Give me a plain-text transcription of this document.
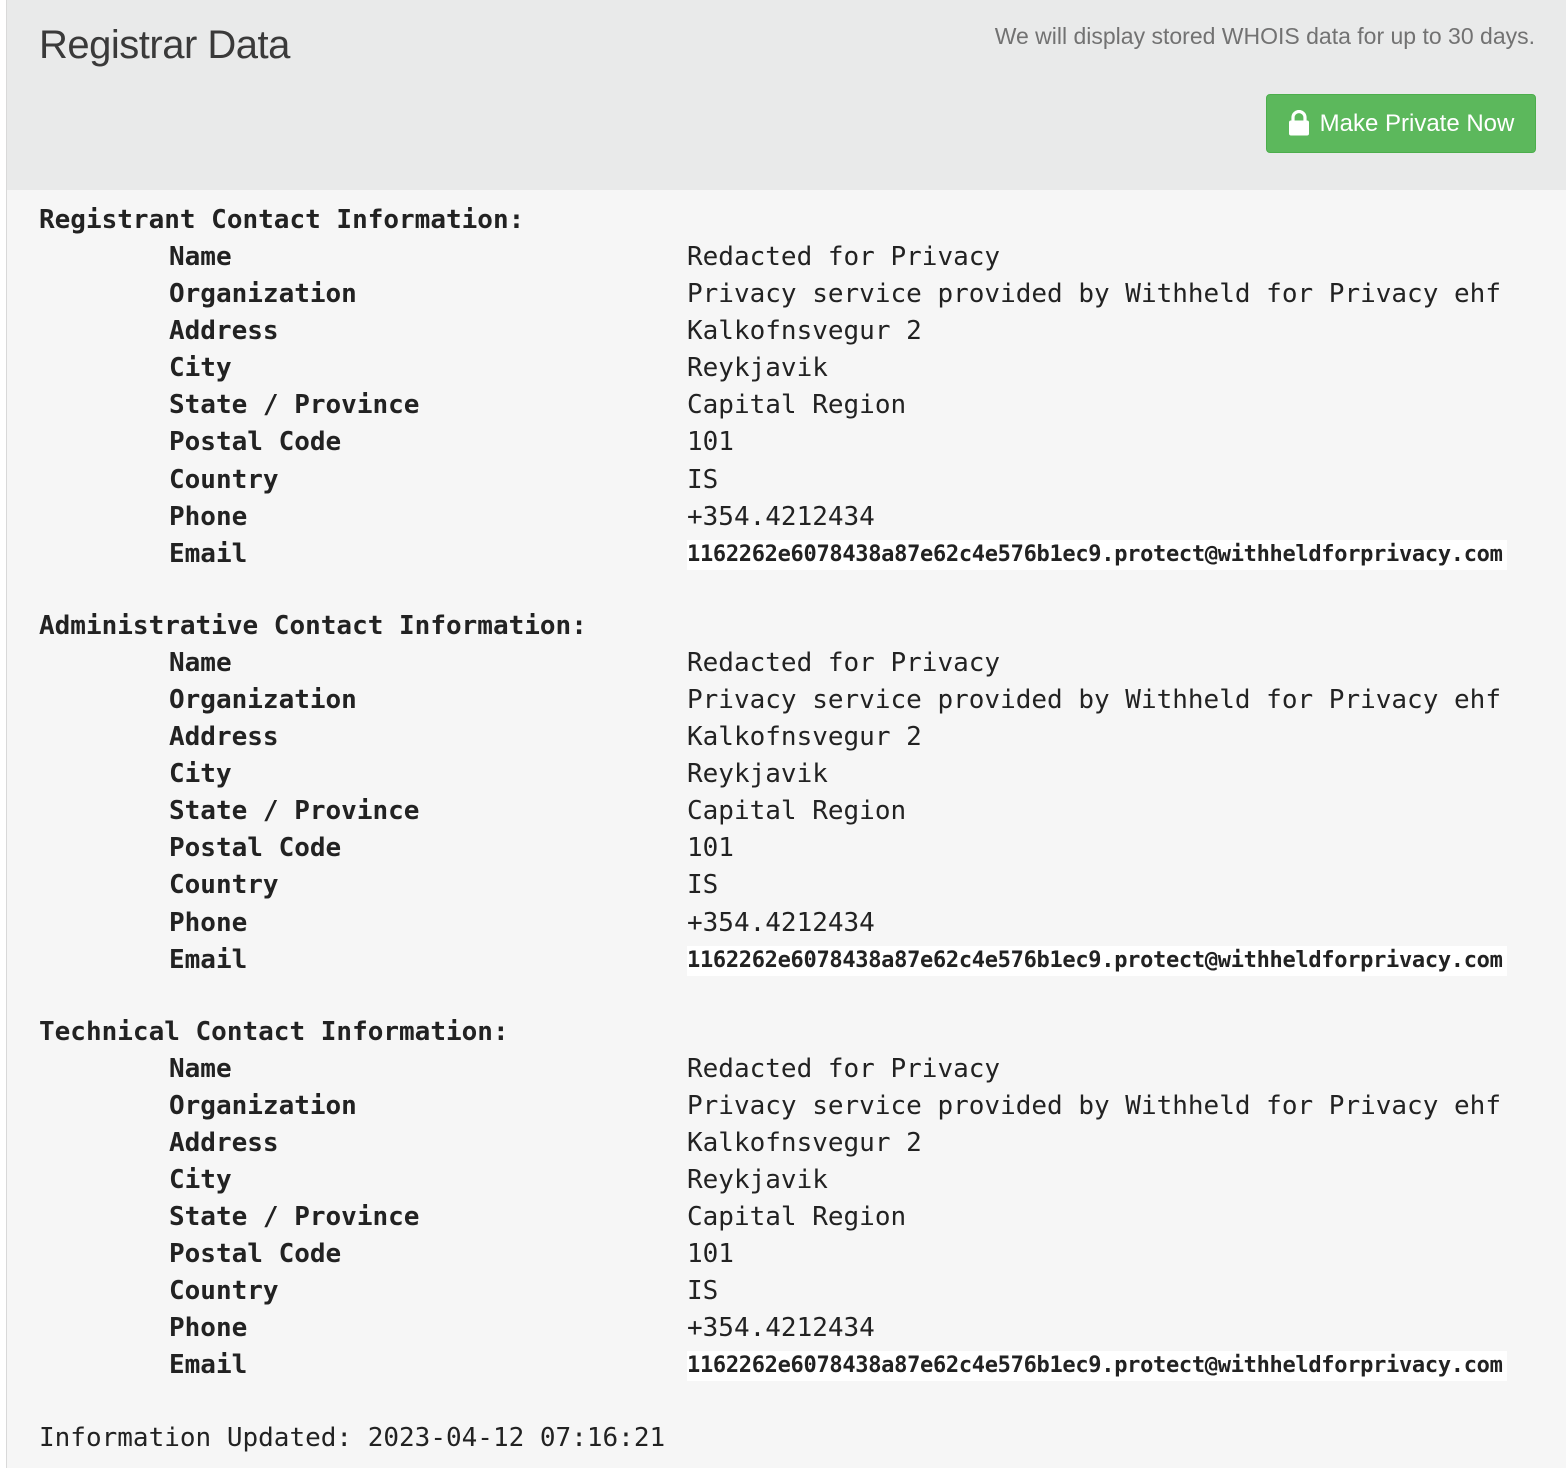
Registrar Data	We will display stored WHOIS data for up to 30 days.
Make Private Now
Registrant Contact Information:
Name	Redacted for Privacy
Organization	Privacy service provided by Withheld for Privacy ehf
Address	Kalkofnsvegur 2
City	Reykjavik
State / Province	Capital Region
Postal Code	101
Country	IS
Phone	+354.4212434
Email	1162262e6078438a87e62c4e576b1ec9.protect@withheldforprivacy.com
Administrative Contact Information:
Name	Redacted for Privacy
Organization	Privacy service provided by Withheld for Privacy ehf
Address	Kalkofnsvegur 2
City	Reykjavik
State / Province	Capital Region
Postal Code	101
Country	IS
Phone	+354.4212434
Email	1162262e6078438a87e62c4e576b1ec9.protect@withheldforprivacy.com
Technical Contact Information:
Name	Redacted for Privacy
Organization	Privacy service provided by Withheld for Privacy ehf
Address	Kalkofnsvegur 2
City	Reykjavik
State / Province	Capital Region
Postal Code	101
Country	IS
Phone	+354.4212434
Email	1162262e6078438a87e62c4e576b1ec9.protect@withheldforprivacy.com
Information Updated: 2023-04-12 07:16:21
